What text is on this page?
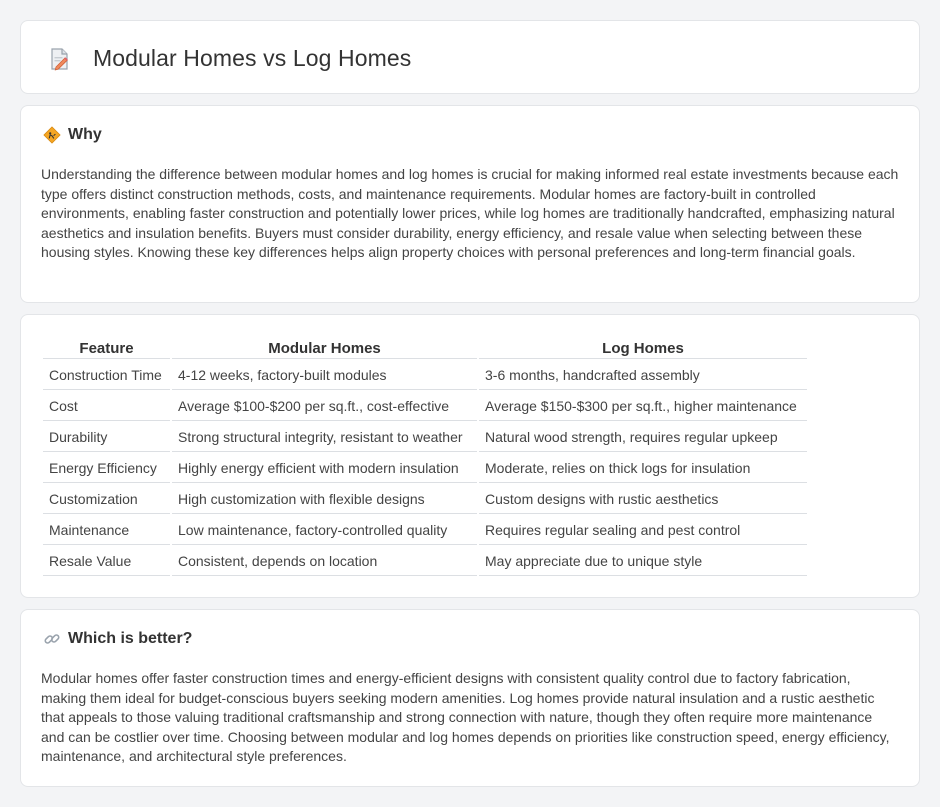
Modular Homes vs Log Homes
Why

Understanding the difference between modular homes and log homes is crucial for making informed real estate investments because each type offers distinct construction methods, costs, and maintenance requirements. Modular homes are factory-built in controlled environments, enabling faster construction and potentially lower prices, while log homes are traditionally handcrafted, emphasizing natural aesthetics and insulation benefits. Buyers must consider durability, energy efficiency, and resale value when selecting between these housing styles. Knowing these key differences helps align property choices with personal preferences and long-term financial goals.

Feature	Modular Homes	Log Homes
Construction Time	4-12 weeks, factory-built modules	3-6 months, handcrafted assembly
Cost	Average $100-$200 per sq.ft., cost-effective	Average $150-$300 per sq.ft., higher maintenance
Durability	Strong structural integrity, resistant to weather	Natural wood strength, requires regular upkeep
Energy Efficiency	Highly energy efficient with modern insulation	Moderate, relies on thick logs for insulation
Customization	High customization with flexible designs	Custom designs with rustic aesthetics
Maintenance	Low maintenance, factory-controlled quality	Requires regular sealing and pest control
Resale Value	Consistent, depends on location	May appreciate due to unique style
Which is better?

Modular homes offer faster construction times and energy-efficient designs with consistent quality control due to factory fabrication, making them ideal for budget-conscious buyers seeking modern amenities. Log homes provide natural insulation and a rustic aesthetic that appeals to those valuing traditional craftsmanship and strong connection with nature, though they often require more maintenance and can be costlier over time. Choosing between modular and log homes depends on priorities like construction speed, energy efficiency, maintenance, and architectural style preferences.
